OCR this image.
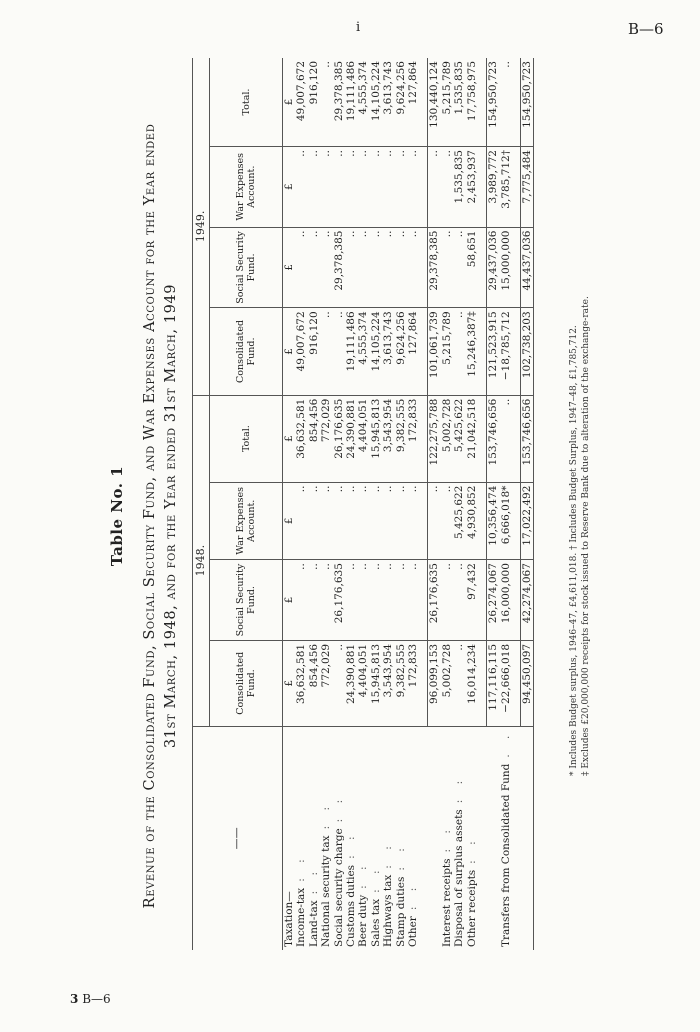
i	B—6
3 B—6
Table No. 1 Revenue of the Consolidated Fund, Social Security Fund, and War Expenses Account for the Year ended 31st March, 1948, and for the Year ended 31st March, 1949
——	1948.				1949.			
	Consolidated Fund.	Social Security Fund.	War Expenses Account.	Total.	Consolidated Fund.	Social Security Fund.	War Expenses Account.	Total.
Taxation—	£	£	£	£	£	£	£	£
Income-tax: :	36,632,581	..	..	36,632,581	49,007,672	..	..	49,007,672
Land-tax: :	854,456	..	..	854,456	916,120	..	..	916,120
National security tax: :	772,029	..	..	772,029	..	..	..	..
Social security charge: :	..	26,176,635	..	26,176,635	..	29,378,385	..	29,378,385
Customs duties: :	24,390,881	..	..	24,390,881	19,111,486	..	..	19,111,486
Beer duty: :	4,404,051	..	..	4,404,051	4,555,374	..	..	4,555,374
Sales tax: :	15,945,813	..	..	15,945,813	14,105,224	..	..	14,105,224
Highways tax: :	3,543,954	..	..	3,543,954	3,613,743	..	..	3,613,743
Stamp duties: :	9,382,555	..	..	9,382,555	9,624,256	..	..	9,624,256
Other: :	172,833	..	..	172,833	127,864	..	..	127,864

	96,099,153	26,176,635	..	122,275,788	101,061,739	29,378,385	..	130,440,124
Interest receipts: :	5,002,728	..	..	5,002,728	5,215,789	..	..	5,215,789
Disposal of surplus assets: :	..	..	5,425,622	5,425,622	..	..	1,535,835	1,535,835
Other receipts: :	16,014,234	97,432	4,930,852	21,042,518	15,246,387‡	58,651	2,453,937	17,758,975

	117,116,115	26,274,067	10,356,474	153,746,656	121,523,915	29,437,036	3,989,772	154,950,723
Transfers from Consolidated Fund. .	−22,666,018	16,000,000	6,666,018*	..	−18,785,712	15,000,000	3,785,712†	..

	94,450,097	42,274,067	17,022,492	153,746,656	102,738,203	44,437,036	7,775,484	154,950,723
* Includes Budget surplus, 1946–47, £4,611,018. † Includes Budget Surplus, 1947–48, £1,785,712. ‡ Excludes £20,000,000 receipts for stock issued to Reserve Bank due to alteration of the exchange-rate.
